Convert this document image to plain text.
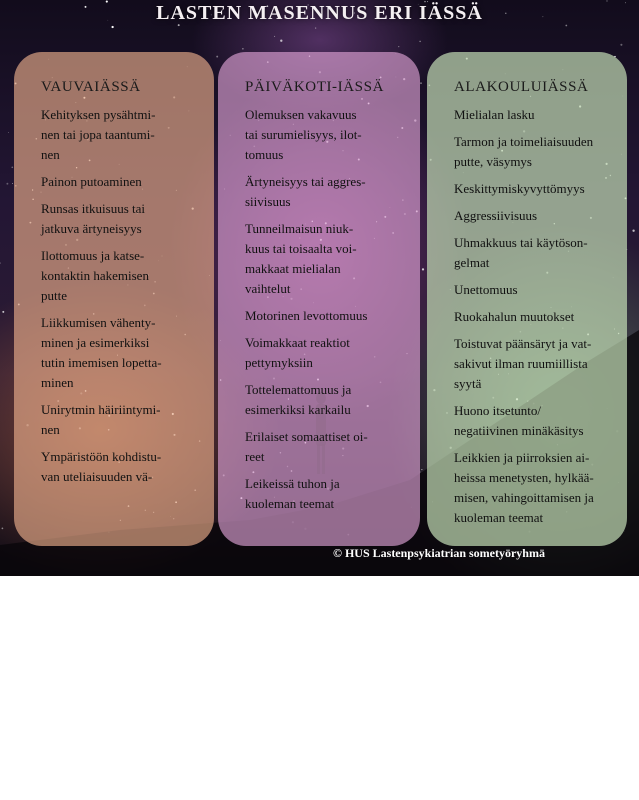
LASTEN MASENNUS ERI IÄSSÄ
VAUVAIÄSSÄ
Kehityksen pysähtmi-
nen tai jopa taantumi-
nen
Painon putoaminen
Runsas itkuisuus tai
jatkuva ärtyneisyys
Ilottomuus ja katse-
kontaktin hakemisen
putte
Liikkumisen vähenty-
minen ja esimerkiksi
tutin imemisen lopetta-
minen
Unirytmin häiriintymi-
nen
Ympäristöön kohdistu-
van uteliaisuuden vä-
PÄIVÄKOTI-IÄSSÄ
Olemuksen vakavuus
tai surumielisyys, ilot-
tomuus
Ärtyneisyys tai aggres-
siivisuus
Tunneilmaisun niuk-
kuus tai toisaalta voi-
makkaat mielialan
vaihtelut
Motorinen levottomuus
Voimakkaat reaktiot
pettymyksiin
Tottelemattomuus ja
esimerkiksi karkailu
Erilaiset somaattiset oi-
reet
Leikeissä tuhon ja
kuoleman teemat
ALAKOULUIÄSSÄ
Mielialan lasku
Tarmon ja toimeliaisuuden
putte, väsymys
Keskittymiskyvyttömyys
Aggressiivisuus
Uhmakkuus tai käytöson-
gelmat
Unettomuus
Ruokahalun muutokset
Toistuvat päänsäryt ja vat-
sakivut ilman ruumiillista
syytä
Huono itsetunto/
negatiivinen minäkäsitys
Leikkien ja piirroksien ai-
heissa menetysten, hylkää-
misen, vahingoittamisen ja
kuoleman teemat
© HUS Lastenpsykiatrian sometyöryhmä
